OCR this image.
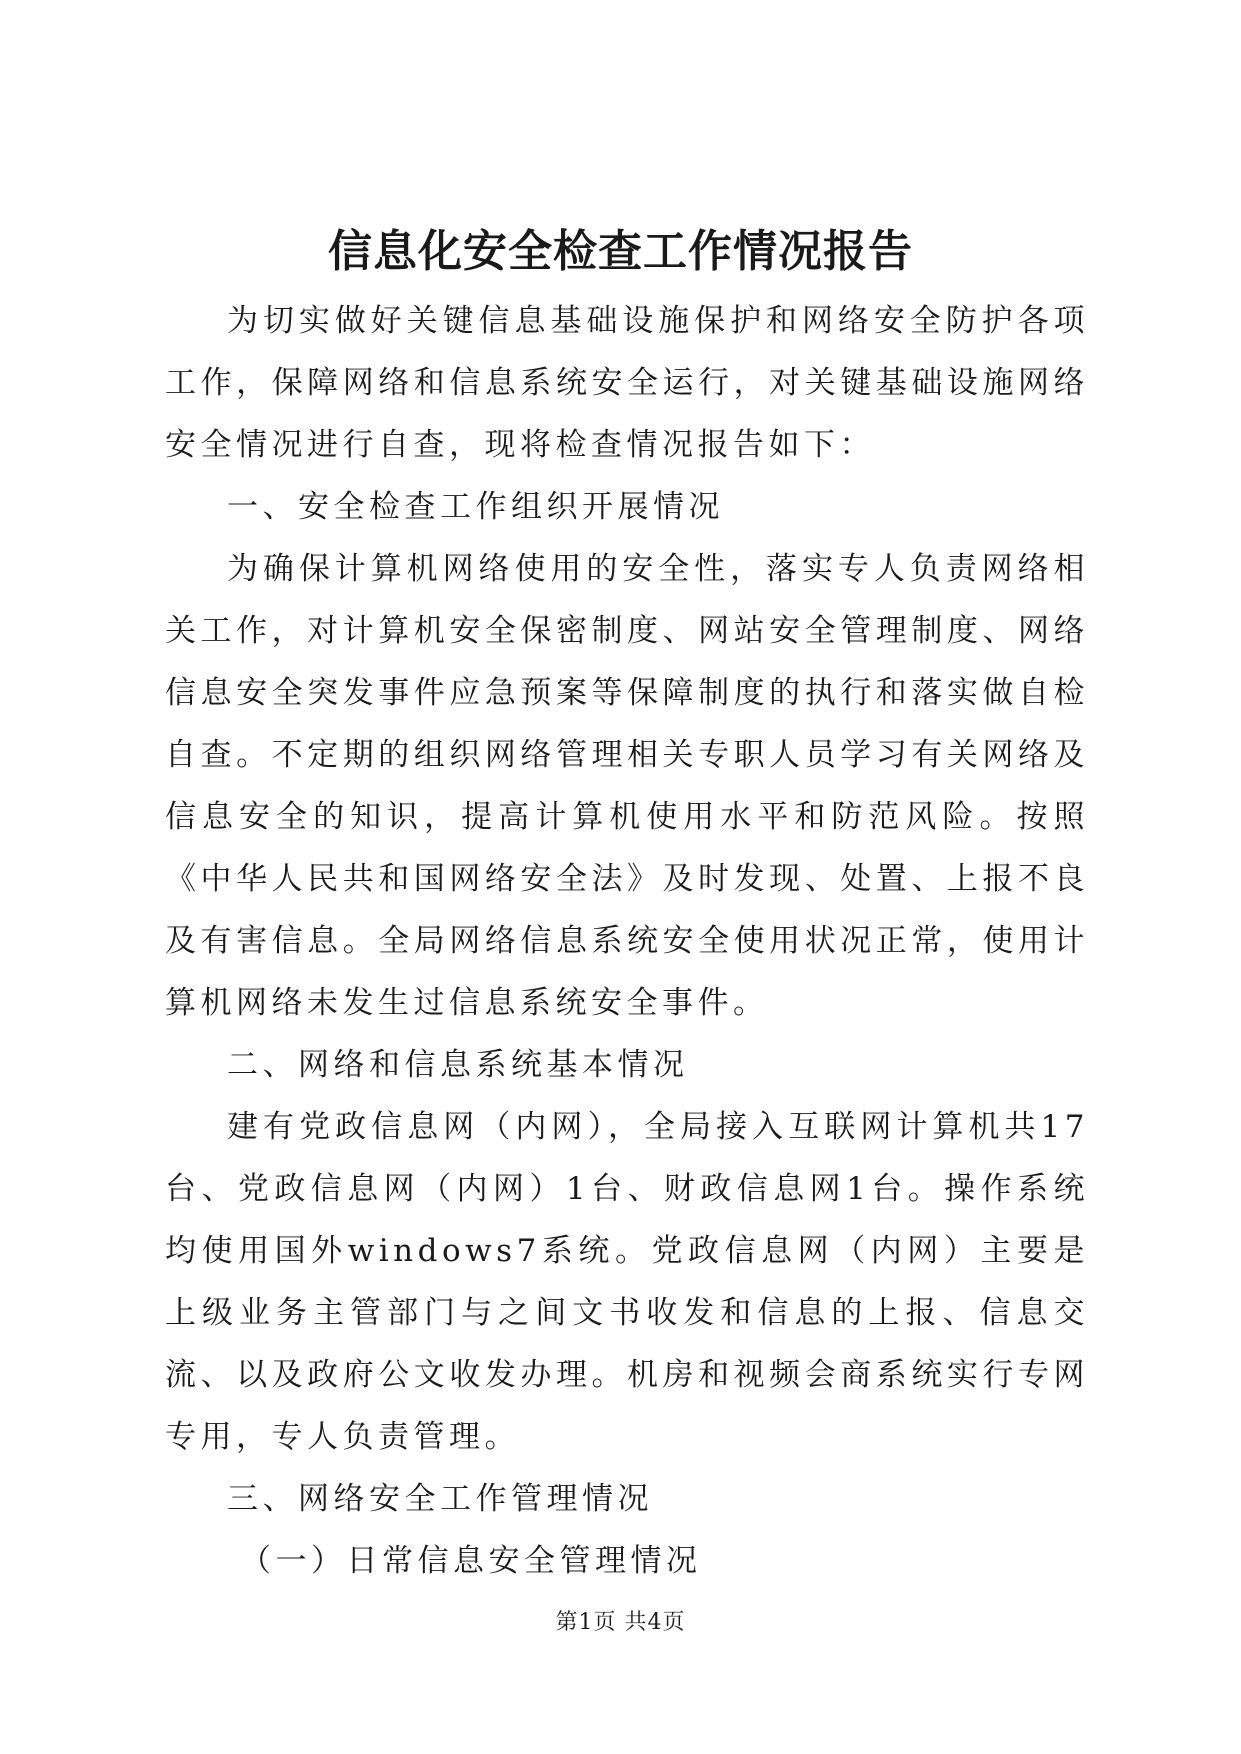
信息化安全检查工作情况报告

为切实做好关键信息基础设施保护和网络安全防护各项工作，保障网络和信息系统安全运行，对关键基础设施网络安全情况进行自查，现将检查情况报告如下：

一、安全检查工作组织开展情况

为确保计算机网络使用的安全性，落实专人负责网络相关工作，对计算机安全保密制度、网站安全管理制度、网络信息安全突发事件应急预案等保障制度的执行和落实做自检自查。不定期的组织网络管理相关专职人员学习有关网络及信息安全的知识，提高计算机使用水平和防范风险。按照《中华人民共和国网络安全法》及时发现、处置、上报不良及有害信息。全局网络信息系统安全使用状况正常，使用计算机网络未发生过信息系统安全事件。

二、网络和信息系统基本情况

建有党政信息网（内网），全局接入互联网计算机共17台、党政信息网（内网）1台、财政信息网1台。操作系统均使用国外windows7系统。党政信息网（内网）主要是上级业务主管部门与之间文书收发和信息的上报、信息交流、以及政府公文收发办理。机房和视频会商系统实行专网专用，专人负责管理。

三、网络安全工作管理情况

（一）日常信息安全管理情况

第1页 共4页
